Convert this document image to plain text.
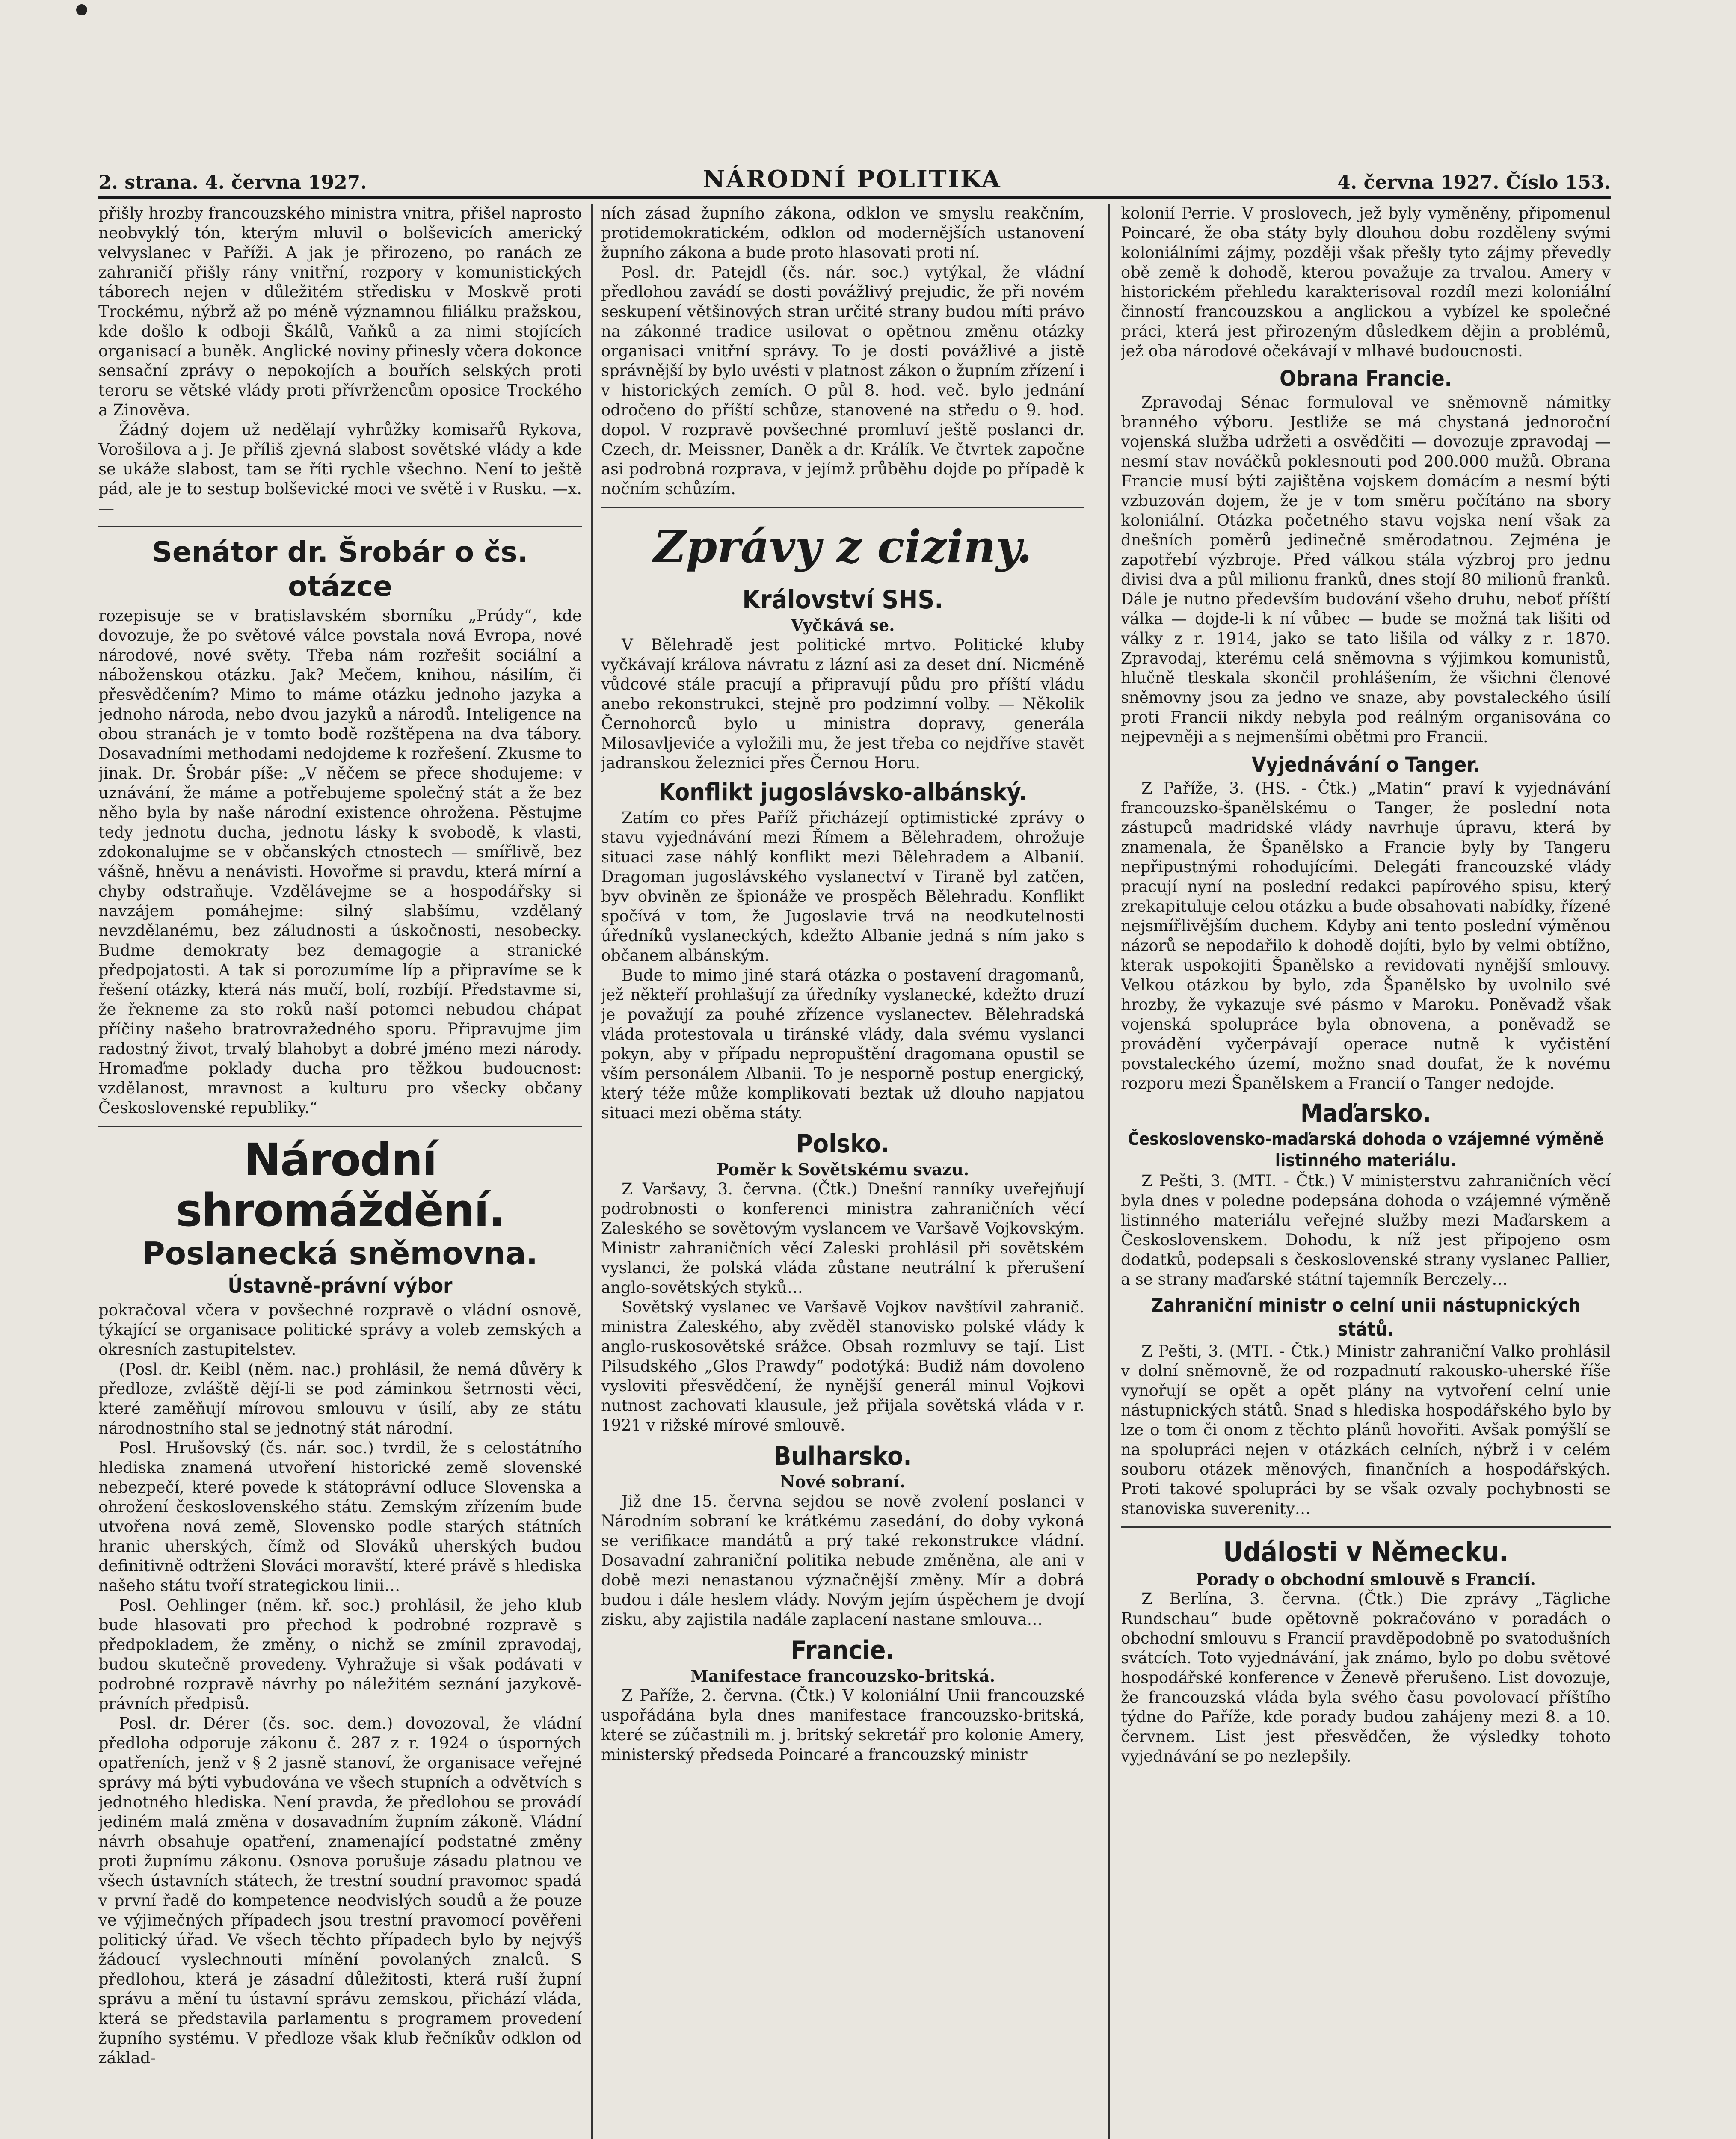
2. strana. 4. června 1927.	NÁRODNÍ POLITIKA	4. června 1927. Číslo 153.

přišly hrozby francouzského ministra vnitra, přišel naprosto neobvyklý tón, kterým mluvil o bolševicích americký velvyslanec v Paříži. A jak je přirozeno, po ranách ze zahraničí přišly rány vnitřní, rozpory v komunistických táborech nejen v důležitém středisku v Moskvě proti Trockému, nýbrž až po méně významnou filiálku pražskou, kde došlo k odboji Škálů, Vaňků a za nimi stojících organisací a buněk. Anglické noviny přinesly včera dokonce sensační zprávy o nepokojích a bouřích selských proti teroru se větské vlády proti přívržencům oposice Trockého a Zinověva.

Žádný dojem už nedělají vyhrůžky komisařů Rykova, Vorošilova a j. Je příliš zjevná slabost sovětské vlády a kde se ukáže slabost, tam se říti rychle všechno. Není to ještě pád, ale je to sestup bolševické moci ve světě i v Rusku. —x.—

Senátor dr. Šrobár o čs. otázce

rozepisuje se v bratislavském sborníku „Prúdy“, kde dovozuje, že po světové válce povstala nová Evropa, nové národové, nové světy. Třeba nám rozřešit sociální a náboženskou otázku. Jak? Mečem, knihou, násilím, či přesvědčením? Mimo to máme otázku jednoho jazyka a jednoho národa, nebo dvou jazyků a národů. Inteligence na obou stranách je v tomto bodě rozštěpena na dva tábory. Dosavadními methodami nedojdeme k rozřešení. Zkusme to jinak. Dr. Šrobár píše: „V něčem se přece shodujeme: v uznávání, že máme a potřebujeme společný stát a že bez něho byla by naše národní existence ohrožena. Pěstujme tedy jednotu ducha, jednotu lásky k svobodě, k vlasti, zdokonalujme se v občanských ctnostech — smířlivě, bez vášně, hněvu a nenávisti. Hovořme si pravdu, která mírní a chyby odstraňuje. Vzdělávejme se a hospodářsky si navzájem pomáhejme: silný slabšímu, vzdělaný nevzdělanému, bez záludnosti a úskočnosti, nesobecky. Budme demokraty bez demagogie a stranické předpojatosti. A tak si porozumíme líp a připravíme se k řešení otázky, která nás mučí, bolí, rozbíjí. Představme si, že řekneme za sto roků naší potomci nebudou chápat příčiny našeho bratrovražedného sporu. Připravujme jim radostný život, trvalý blahobyt a dobré jméno mezi národy. Hromaďme poklady ducha pro těžkou budoucnost: vzdělanost, mravnost a kulturu pro všecky občany Československé republiky.“

Národní shromáždění.
Poslanecká sněmovna.
Ústavně-právní výbor

pokračoval včera v povšechné rozpravě o vládní osnově, týkající se organisace politické správy a voleb zemských a okresních zastupitelstev.

(Posl. dr. Keibl (něm. nac.) prohlásil, že nemá důvěry k předloze, zvláště dějí-li se pod záminkou šetrnosti věci, které zaměňují mírovou smlouvu v úsilí, aby ze státu národnostního stal se jednotný stát národní.

Posl. Hrušovský (čs. nár. soc.) tvrdil, že s celostátního hlediska znamená utvoření historické země slovenské nebezpečí, které povede k státoprávní odluce Slovenska a ohrožení československého státu. Zemským zřízením bude utvořena nová země, Slovensko podle starých státních hranic uherských, čímž od Slováků uherských budou definitivně odtrženi Slováci moravští, které právě s hlediska našeho státu tvoří strategickou linii…

Posl. Oehlinger (něm. kř. soc.) prohlásil, že jeho klub bude hlasovati pro přechod k podrobné rozpravě s předpokladem, že změny, o nichž se zmínil zpravodaj, budou skutečně provedeny. Vyhražuje si však podávati v podrobné rozpravě návrhy po náležitém seznání jazykově-právních předpisů.

Posl. dr. Dérer (čs. soc. dem.) dovozoval, že vládní předloha odporuje zákonu č. 287 z r. 1924 o úsporných opatřeních, jenž v § 2 jasně stanoví, že organisace veřejné správy má býti vybudována ve všech stupních a odvětvích s jednotného hlediska. Není pravda, že předlohou se provádí jediném malá změna v dosavadním župním zákoně. Vládní návrh obsahuje opatření, znamenající podstatné změny proti župnímu zákonu. Osnova porušuje zásadu platnou ve všech ústavních státech, že trestní soudní pravomoc spadá v první řadě do kompetence neodvislých soudů a že pouze ve výjimečných případech jsou trestní pravomocí pověřeni politický úřad. Ve všech těchto případech bylo by nejvýš žádoucí vyslechnouti mínění povolaných znalců. S předlohou, která je zásadní důležitosti, která ruší župní správu a mění tu ústavní správu zemskou, přichází vláda, která se představila parlamentu s programem provedení župního systému. V předloze však klub řečníkův odklon od základ-

ních zásad župního zákona, odklon ve smyslu reakčním, protidemokratickém, odklon od modernějších ustanovení župního zákona a bude proto hlasovati proti ní.

Posl. dr. Patejdl (čs. nár. soc.) vytýkal, že vládní předlohou zavádí se dosti povážlivý prejudic, že při novém seskupení většinových stran určité strany budou míti právo na zákonné tradice usilovat o opětnou změnu otázky organisaci vnitřní správy. To je dosti povážlivé a jistě správnější by bylo uvésti v platnost zákon o župním zřízení i v historických zemích. O půl 8. hod. več. bylo jednání odročeno do příští schůze, stanovené na středu o 9. hod. dopol. V rozpravě povšechné promluví ještě poslanci dr. Czech, dr. Meissner, Daněk a dr. Králík. Ve čtvrtek započne asi podrobná rozprava, v jejímž průběhu dojde po případě k nočním schůzím.

Zprávy z ciziny.
Království SHS.
Vyčkává se.

V Bělehradě jest politické mrtvo. Politické kluby vyčkávají králova návratu z lázní asi za deset dní. Nicméně vůdcové stále pracují a připravují půdu pro příští vládu anebo rekonstrukci, stejně pro podzimní volby. — Několik Černohorců bylo u ministra dopravy, generála Milosavljeviće a vyložili mu, že jest třeba co nejdříve stavět jadranskou železnici přes Černou Horu.

Konflikt jugoslávsko-albánský.

Zatím co přes Paříž přicházejí optimistické zprávy o stavu vyjednávání mezi Římem a Bělehradem, ohrožuje situaci zase náhlý konflikt mezi Bělehradem a Albanií. Dragoman jugoslávského vyslanectví v Tiraně byl zatčen, byv obviněn ze špionáže ve prospěch Bělehradu. Konflikt spočívá v tom, že Jugoslavie trvá na neodkutelnosti úředníků vyslaneckých, kdežto Albanie jedná s ním jako s občanem albánským.

Bude to mimo jiné stará otázka o postavení dragomanů, jež někteří prohlašují za úředníky vyslanecké, kdežto druzí je považují za pouhé zřízence vyslanectev. Bělehradská vláda protestovala u tiránské vlády, dala svému vyslanci pokyn, aby v případu nepropuštění dragomana opustil se vším personálem Albanii. To je nesporně postup energický, který téže může komplikovati beztak už dlouho napjatou situaci mezi oběma státy.

Polsko.
Poměr k Sovětskému svazu.

Z Varšavy, 3. června. (Čtk.) Dnešní ranníky uveřejňují podrobnosti o konferenci ministra zahraničních věcí Zaleského se sovětovým vyslancem ve Varšavě Vojkovským. Ministr zahraničních věcí Zaleski prohlásil při sovětském vyslanci, že polská vláda zůstane neutrální k přerušení anglo-sovětských styků…

Sovětský vyslanec ve Varšavě Vojkov navštívil zahranič. ministra Zaleského, aby zvěděl stanovisko polské vlády k anglo-ruskosovětské srážce. Obsah rozmluvy se tají. List Pilsudského „Glos Prawdy“ podotýká: Budiž nám dovoleno vysloviti přesvědčení, že nynější generál minul Vojkovi nutnost zachovati klausule, jež přijala sovětská vláda v r. 1921 v rižské mírové smlouvě.

Bulharsko.
Nové sobraní.

Již dne 15. června sejdou se nově zvolení poslanci v Národním sobraní ke krátkému zasedání, do doby vykoná se verifikace mandátů a prý také rekonstrukce vládní. Dosavadní zahraniční politika nebude změněna, ale ani v době mezi nenastanou význačnější změny. Mír a dobrá budou i dále heslem vlády. Novým jejím úspěchem je dvojí zisku, aby zajistila nadále zaplacení nastane smlouva…

Francie.
Manifestace francouzsko-britská.

Z Paříže, 2. června. (Čtk.) V koloniální Unii francouzské uspořádána byla dnes manifestace francouzsko-britská, které se zúčastnili m. j. britský sekretář pro kolonie Amery, ministerský předseda Poincaré a francouzský ministr

kolonií Perrie. V proslovech, jež byly vyměněny, připomenul Poincaré, že oba státy byly dlouhou dobu rozděleny svými koloniálními zájmy, později však přešly tyto zájmy převedly obě země k dohodě, kterou považuje za trvalou. Amery v historickém přehledu karakterisoval rozdíl mezi koloniální činností francouzskou a anglickou a vybízel ke společné práci, která jest přirozeným důsledkem dějin a problémů, jež oba národové očekávají v mlhavé budoucnosti.

Obrana Francie.

Zpravodaj Sénac formuloval ve sněmovně námitky branného výboru. Jestliže se má chystaná jednoroční vojenská služba udržeti a osvědčiti — dovozuje zpravodaj — nesmí stav nováčků poklesnouti pod 200.000 mužů. Obrana Francie musí býti zajištěna vojskem domácím a nesmí býti vzbuzován dojem, že je v tom směru počítáno na sbory koloniální. Otázka početného stavu vojska není však za dnešních poměrů jedinečně směrodatnou. Zejména je zapotřebí výzbroje. Před válkou stála výzbroj pro jednu divisi dva a půl milionu franků, dnes stojí 80 milionů franků. Dále je nutno především budování všeho druhu, neboť příští válka — dojde-li k ní vůbec — bude se možná tak lišiti od války z r. 1914, jako se tato lišila od války z r. 1870. Zpravodaj, kterému celá sněmovna s výjimkou komunistů, hlučně tleskala skončil prohlášením, že všichni členové sněmovny jsou za jedno ve snaze, aby povstaleckého úsilí proti Francii nikdy nebyla pod reálným organisována co nejpevněji a s nejmenšími obětmi pro Francii.

Vyjednávání o Tanger.

Z Paříže, 3. (HS. - Čtk.) „Matin“ praví k vyjednávání francouzsko-španělskému o Tanger, že poslední nota zástupců madridské vlády navrhuje úpravu, která by znamenala, že Španělsko a Francie byly by Tangeru nepřipustnými rohodujícími. Delegáti francouzské vlády pracují nyní na poslední redakci papírového spisu, který zrekapituluje celou otázku a bude obsahovati nabídky, řízené nejsmířlivějším duchem. Kdyby ani tento poslední výměnou názorů se nepodařilo k dohodě dojíti, bylo by velmi obtížno, kterak uspokojiti Španělsko a revidovati nynější smlouvy. Velkou otázkou by bylo, zda Španělsko by uvolnilo své hrozby, že vykazuje své pásmo v Maroku. Poněvadž však vojenská spolupráce byla obnovena, a poněvadž se provádění vyčerpávají operace nutně k vyčistění povstaleckého území, možno snad doufat, že k novému rozporu mezi Španělskem a Francií o Tanger nedojde.

Maďarsko.
Československo-maďarská dohoda o vzájemné výměně listinného materiálu.

Z Pešti, 3. (MTI. - Čtk.) V ministerstvu zahraničních věcí byla dnes v poledne podepsána dohoda o vzájemné výměně listinného materiálu veřejné služby mezi Maďarskem a Československem. Dohodu, k níž jest připojeno osm dodatků, podepsali s československé strany vyslanec Pallier, a se strany maďarské státní tajemník Berczely…

Zahraniční ministr o celní unii nástupnických států.

Z Pešti, 3. (MTI. - Čtk.) Ministr zahraniční Valko prohlásil v dolní sněmovně, že od rozpadnutí rakousko-uherské říše vynořují se opět a opět plány na vytvoření celní unie nástupnických států. Snad s hlediska hospodářského bylo by lze o tom či onom z těchto plánů hovořiti. Avšak pomýšlí se na spolupráci nejen v otázkách celních, nýbrž i v celém souboru otázek měnových, finančních a hospodářských. Proti takové spolupráci by se však ozvaly pochybnosti se stanoviska suverenity…

Události v Německu.
Porady o obchodní smlouvě s Francií.

Z Berlína, 3. června. (Čtk.) Die zprávy „Tägliche Rundschau“ bude opětovně pokračováno v poradách o obchodní smlouvu s Francií pravděpodobně po svatodušních svátcích. Toto vyjednávání, jak známo, bylo po dobu světové hospodářské konference v Ženevě přerušeno. List dovozuje, že francouzská vláda byla svého času povolovací příštího týdne do Paříže, kde porady budou zahájeny mezi 8. a 10. červnem. List jest přesvědčen, že výsledky tohoto vyjednávání se po nezlepšily.
